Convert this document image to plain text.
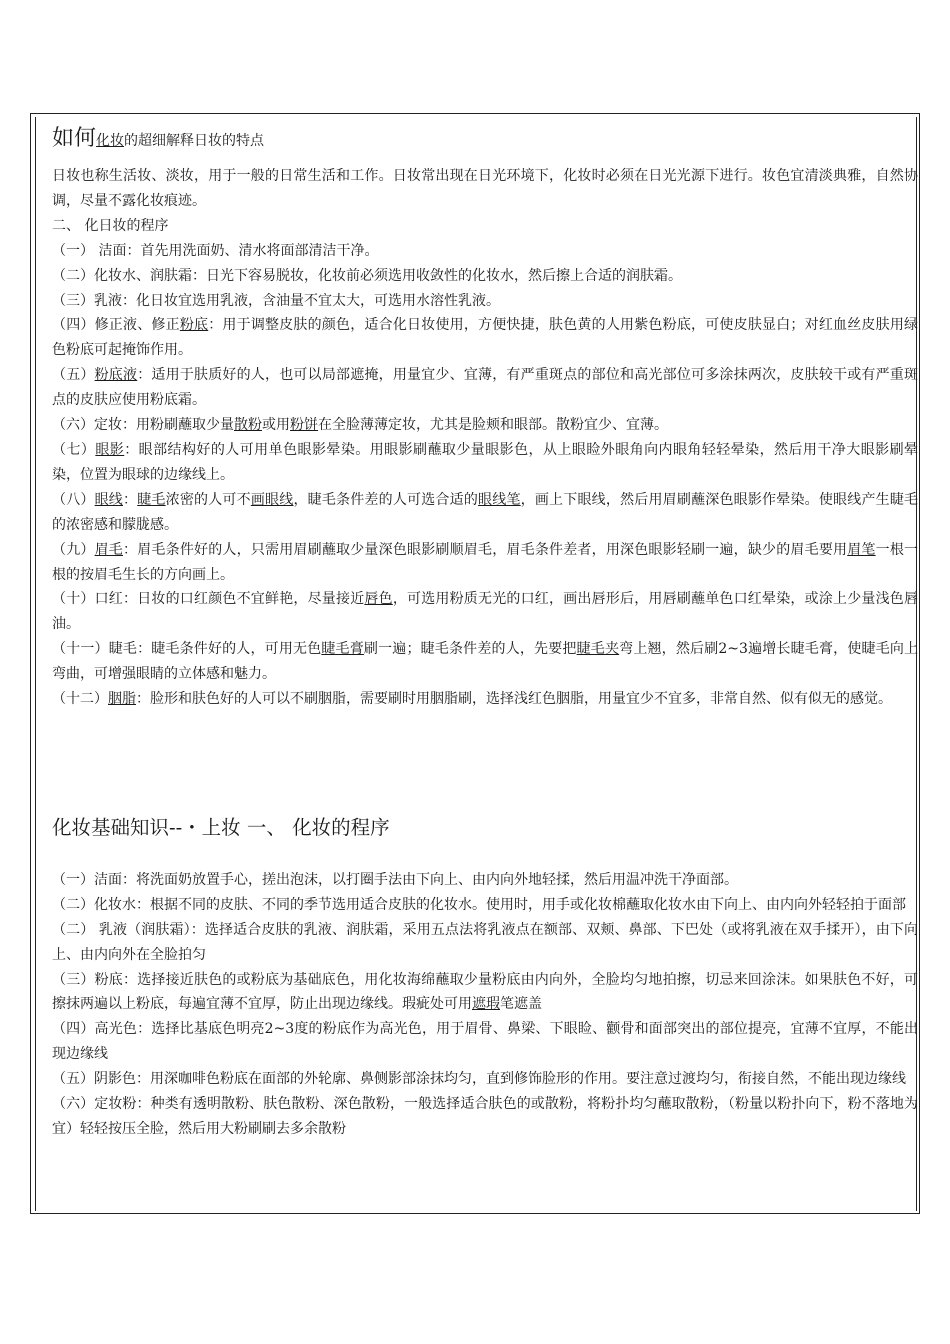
如何化妆的超细解释日妆的特点

日妆也称生活妆、淡妆，用于一般的日常生活和工作。日妆常出现在日光环境下，化妆时必须在日光光源下进行。妆色宜清淡典雅，自然协调，尽量不露化妆痕迹。

二、 化日妆的程序

（一） 洁面：首先用洗面奶、清水将面部清洁干净。

（二）化妆水、润肤霜：日光下容易脱妆，化妆前必须选用收敛性的化妆水，然后擦上合适的润肤霜。

（三）乳液：化日妆宜选用乳液，含油量不宜太大，可选用水溶性乳液。

（四）修正液、修正粉底：用于调整皮肤的颜色，适合化日妆使用，方便快捷，肤色黄的人用紫色粉底，可使皮肤显白；对红血丝皮肤用绿色粉底可起掩饰作用。

（五）粉底液：适用于肤质好的人，也可以局部遮掩，用量宜少、宜薄，有严重斑点的部位和高光部位可多涂抹两次，皮肤较干或有严重斑点的皮肤应使用粉底霜。

（六）定妆：用粉刷蘸取少量散粉或用粉饼在全脸薄薄定妆，尤其是脸颊和眼部。散粉宜少、宜薄。

（七）眼影：眼部结构好的人可用单色眼影晕染。用眼影刷蘸取少量眼影色，从上眼睑外眼角向内眼角轻轻晕染，然后用干净大眼影刷晕染，位置为眼球的边缘线上。

（八）眼线：睫毛浓密的人可不画眼线，睫毛条件差的人可选合适的眼线笔，画上下眼线，然后用眉刷蘸深色眼影作晕染。使眼线产生睫毛的浓密感和朦胧感。

（九）眉毛：眉毛条件好的人，只需用眉刷蘸取少量深色眼影刷顺眉毛，眉毛条件差者，用深色眼影轻刷一遍，缺少的眉毛要用眉笔一根一根的按眉毛生长的方向画上。

（十）口红：日妆的口红颜色不宜鲜艳，尽量接近唇色，可选用粉质无光的口红，画出唇形后，用唇刷蘸单色口红晕染，或涂上少量浅色唇油。

（十一）睫毛：睫毛条件好的人，可用无色睫毛膏刷一遍；睫毛条件差的人，先要把睫毛夹弯上翘，然后刷2~3遍增长睫毛膏，使睫毛向上弯曲，可增强眼睛的立体感和魅力。

（十二）胭脂：脸形和肤色好的人可以不刷胭脂，需要刷时用胭脂刷，选择浅红色胭脂，用量宜少不宜多，非常自然、似有似无的感觉。

化妆基础知识--・上妆 一、 化妆的程序

（一）洁面：将洗面奶放置手心，搓出泡沫，以打圈手法由下向上、由内向外地轻揉，然后用温冲洗干净面部。

（二）化妆水：根据不同的皮肤、不同的季节选用适合皮肤的化妆水。使用时，用手或化妆棉蘸取化妆水由下向上、由内向外轻轻拍于面部

（二） 乳液（润肤霜）：选择适合皮肤的乳液、润肤霜，采用五点法将乳液点在额部、双颊、鼻部、下巴处（或将乳液在双手揉开），由下向上、由内向外在全脸拍匀

（三）粉底：选择接近肤色的或粉底为基础底色，用化妆海绵蘸取少量粉底由内向外，全脸均匀地拍擦，切忌来回涂沫。如果肤色不好，可擦抹两遍以上粉底，每遍宜薄不宜厚，防止出现边缘线。瑕疵处可用遮瑕笔遮盖

（四）高光色：选择比基底色明亮2~3度的粉底作为高光色，用于眉骨、鼻梁、下眼睑、颧骨和面部突出的部位提亮，宜薄不宜厚，不能出现边缘线

（五）阴影色：用深咖啡色粉底在面部的外轮廓、鼻侧影部涂抹均匀，直到修饰脸形的作用。要注意过渡均匀，衔接自然，不能出现边缘线

（六）定妆粉：种类有透明散粉、肤色散粉、深色散粉，一般选择适合肤色的或散粉，将粉扑均匀蘸取散粉，（粉量以粉扑向下，粉不落地为宜）轻轻按压全脸，然后用大粉刷刷去多余散粉
